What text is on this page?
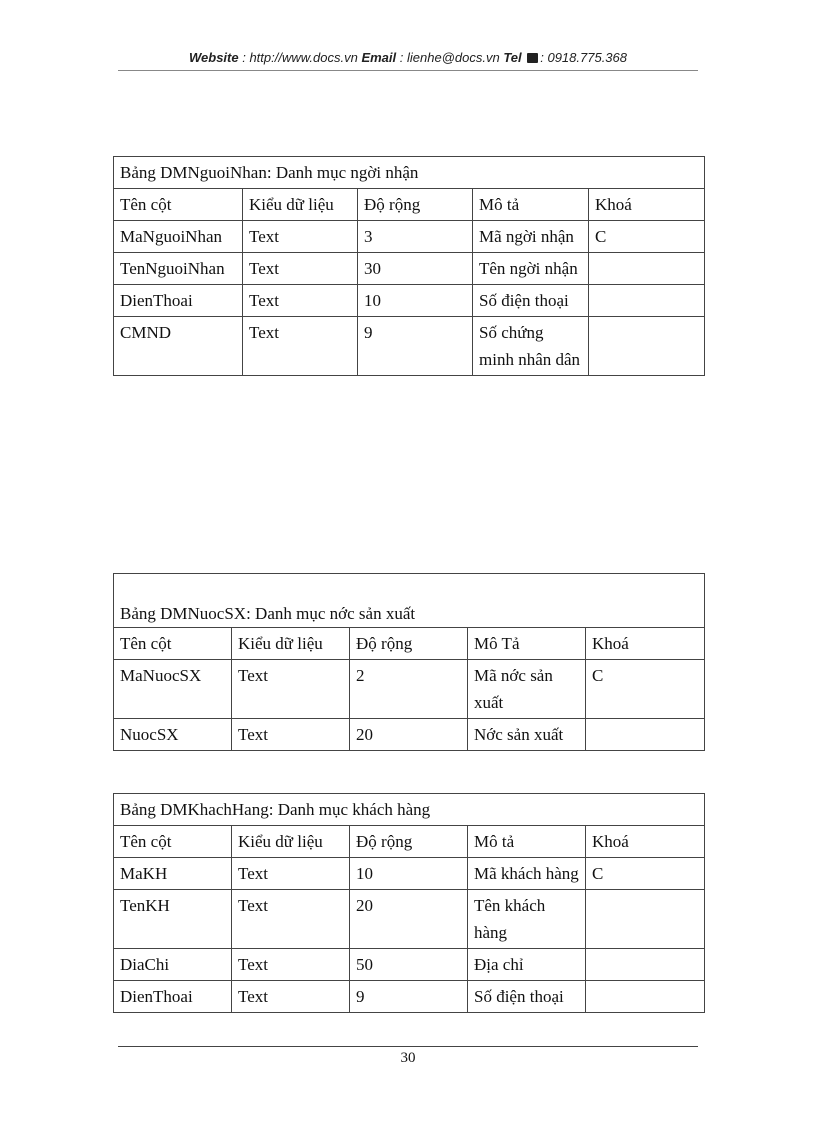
Website : http://www.docs.vn Email : lienhe@docs.vn Tel : 0918.775.368
Bảng DMNguoiNhan: Danh mục ngời nhận				
Tên cột	Kiểu dữ liệu	Độ rộng	Mô tả	Khoá
MaNguoiNhan	Text	3	Mã ngời nhận	C
TenNguoiNhan	Text	30	Tên ngời nhận	
DienThoai	Text	10	Số điện thoại	
CMND	Text	9	Số chứng minh nhân dân	
Bảng DMNuocSX: Danh mục nớc sản xuất				
Tên cột	Kiểu dữ liệu	Độ rộng	Mô Tả	Khoá
MaNuocSX	Text	2	Mã nớc sản xuất	C
NuocSX	Text	20	Nớc sản xuất	
Bảng DMKhachHang: Danh mục khách hàng				
Tên cột	Kiểu dữ liệu	Độ rộng	Mô tả	Khoá
MaKH	Text	10	Mã khách hàng	C
TenKH	Text	20	Tên khách hàng	
DiaChi	Text	50	Địa chỉ	
DienThoai	Text	9	Số điện thoại	
30
